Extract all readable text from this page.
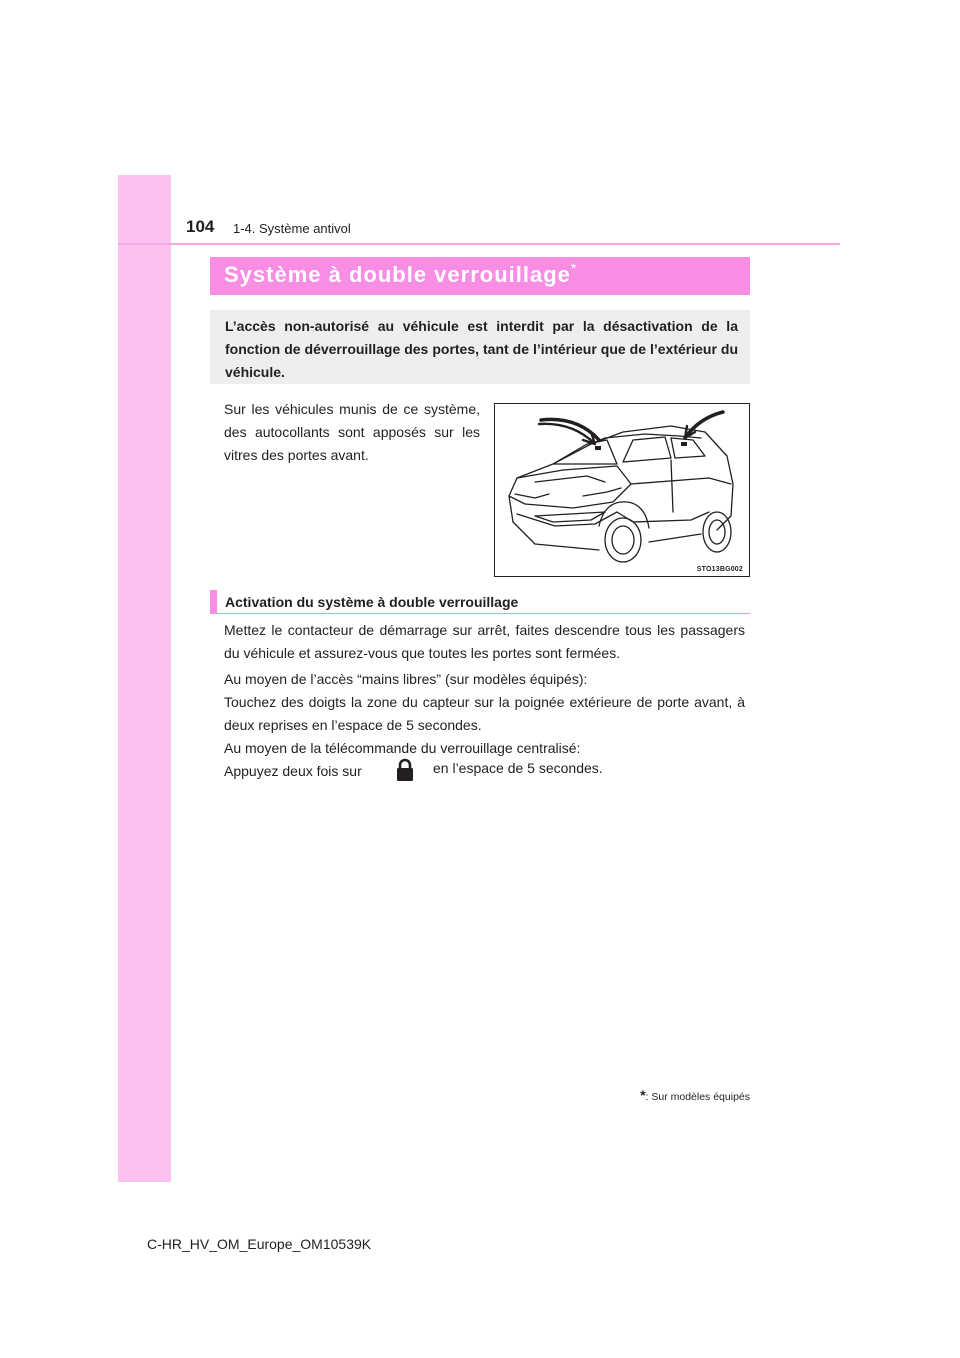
104 1-4. Système antivol
Système à double verrouillage*

L’accès non-autorisé au véhicule est interdit par la désactivation de la fonction de déverrouillage des portes, tant de l’intérieur que de l’extérieur du véhicule.

Sur les véhicules munis de ce système, des autocollants sont apposés sur les vitres des portes avant.

STO13BG002
Activation du système à double verrouillage

Mettez le contacteur de démarrage sur arrêt, faites descendre tous les passagers du véhicule et assurez-vous que toutes les portes sont fermées.

Au moyen de l’accès “mains libres” (sur modèles équipés):

Touchez des doigts la zone du capteur sur la poignée extérieure de porte avant, à deux reprises en l’espace de 5 secondes.

Au moyen de la télécommande du verrouillage centralisé:

Appuyez deux fois sur	en l’espace de 5 secondes.
*: Sur modèles équipés
C-HR_HV_OM_Europe_OM10539K
